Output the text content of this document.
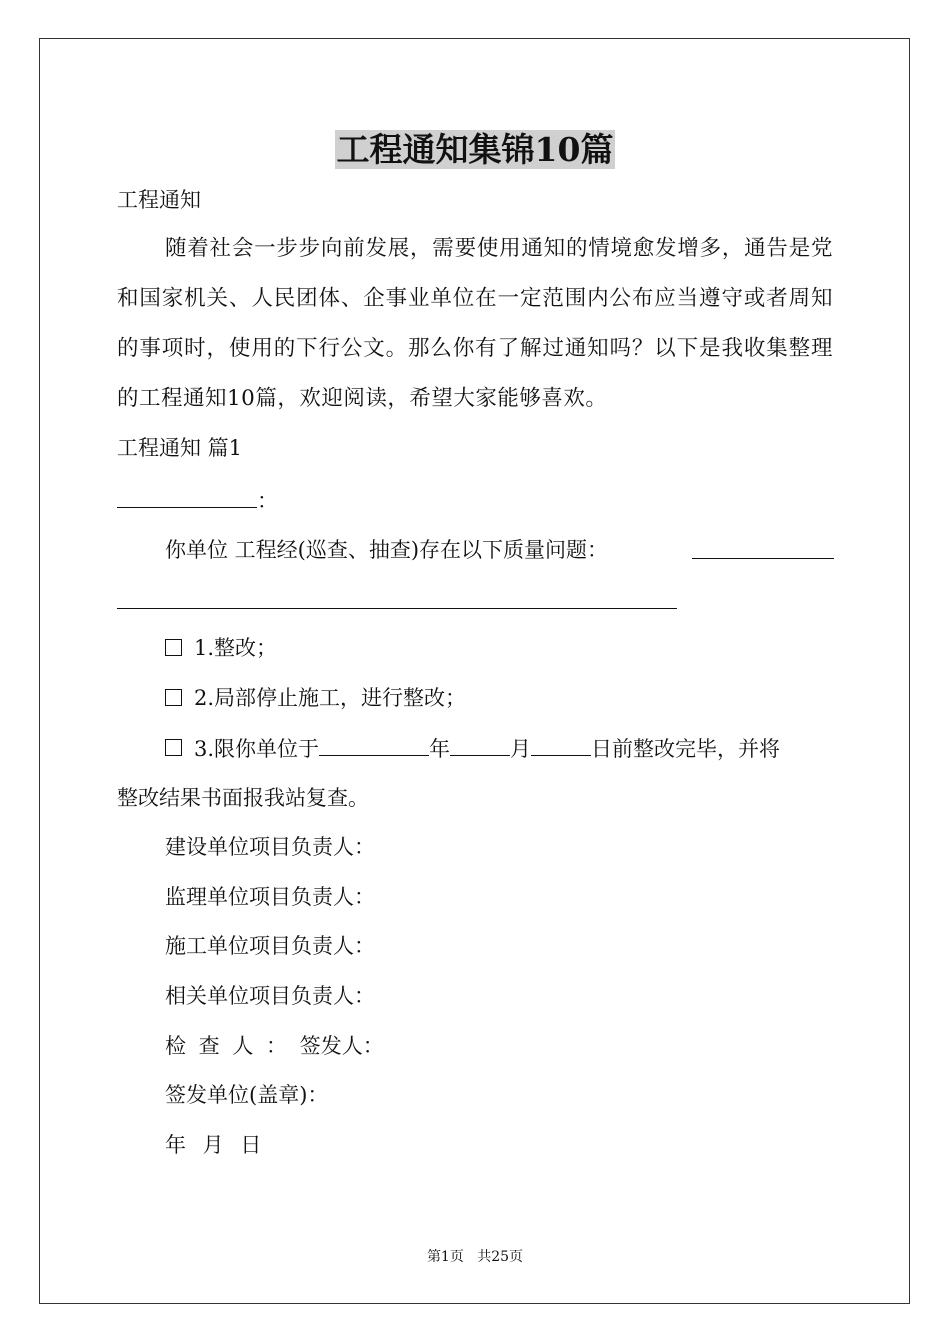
工程通知集锦10篇
工程通知
随着社会一步步向前发展，需要使用通知的情境愈发增多，通告是党和国家机关、人民团体、企事业单位在一定范围内公布应当遵守或者周知的事项时，使用的下行公文。那么你有了解过通知吗？以下是我收集整理的工程通知10篇，欢迎阅读，希望大家能够喜欢。
工程通知 篇1
：
你单位 工程经(巡查、抽查)存在以下质量问题：
1.整改；
2.局部停止施工，进行整改；
3.限你单位于	年	月	日前整改完毕，并将
整改结果书面报我站复查。
建设单位项目负责人：
监理单位项目负责人：
施工单位项目负责人：
相关单位项目负责人：
检 查 人 ： 签发人：
签发单位(盖章)：
年 月 日
第1页 共25页
